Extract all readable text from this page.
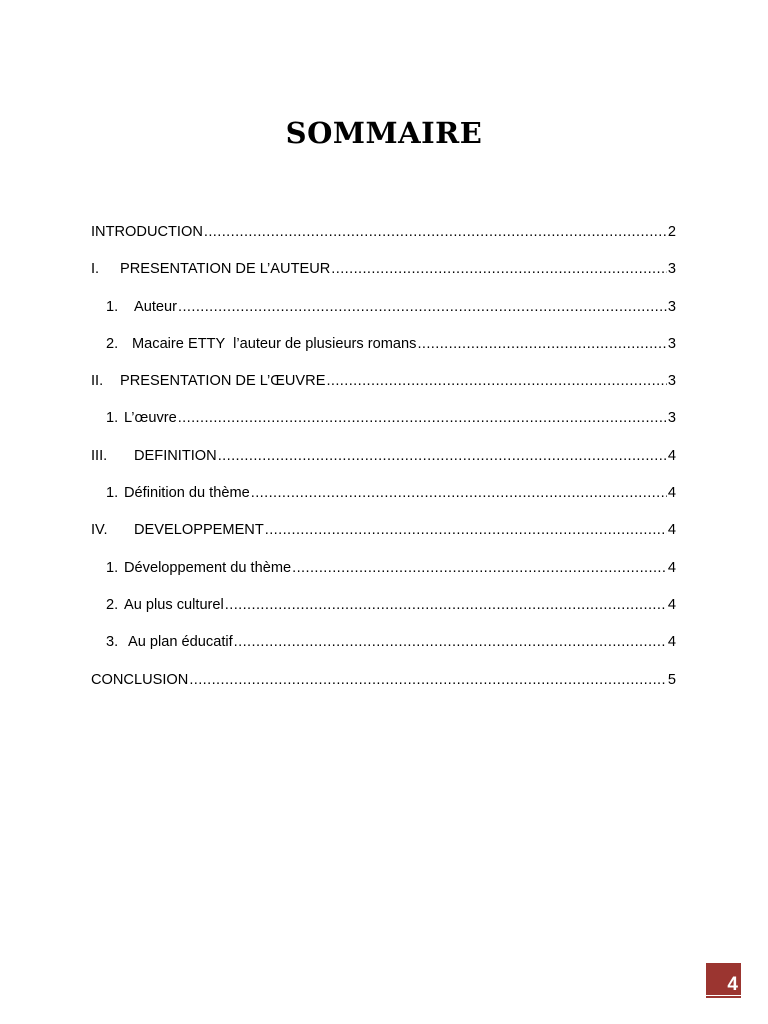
SOMMAIRE
INTRODUCTION .....	2
I.	PRESENTATION DE L’AUTEUR .....	3
1.	Auteur .....	3
2. Macaire ETTY  l’auteur de plusieurs romans .....	3
II.	PRESENTATION DE L’ŒUVRE .....	3
1. L’œuvre .....	3
III.	DEFINITION .....	4
1. Définition du thème .....	4
IV.	DEVELOPPEMENT .....	4
1. Développement du thème .....	4
2. Au plus culturel .....	4
3. Au plan éducatif .....	4
CONCLUSION .....	5
4
